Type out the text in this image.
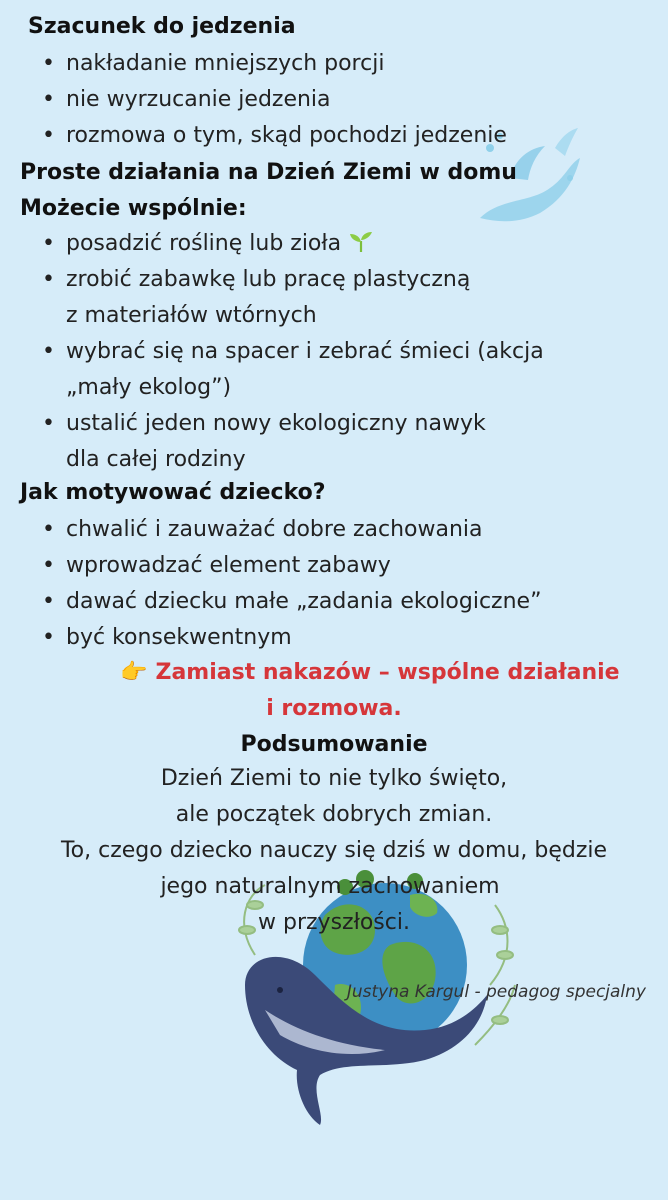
Szacunek do jedzenia
• nakładanie mniejszych porcji
• nie wyrzucanie jedzenia
• rozmowa o tym, skąd pochodzi jedzenie
Proste działania na Dzień Ziemi w domu
Możecie wspólnie:
• posadzić roślinę lub zioła
• zrobić zabawkę lub pracę plastyczną
z materiałów wtórnych
• wybrać się na spacer i zebrać śmieci (akcja
„mały ekolog”)
• ustalić jeden nowy ekologiczny nawyk
dla całej rodziny
Jak motywować dziecko?
• chwalić i zauważać dobre zachowania
• wprowadzać element zabawy
• dawać dziecku małe „zadania ekologiczne”
• być konsekwentnym
👉 Zamiast nakazów – wspólne działanie
i rozmowa.
Podsumowanie
Dzień Ziemi to nie tylko święto,
ale początek dobrych zmian.
To, czego dziecko nauczy się dziś w domu, będzie
jego naturalnym zachowaniem
w przyszłości.
Justyna Kargul - pedagog specjalny
